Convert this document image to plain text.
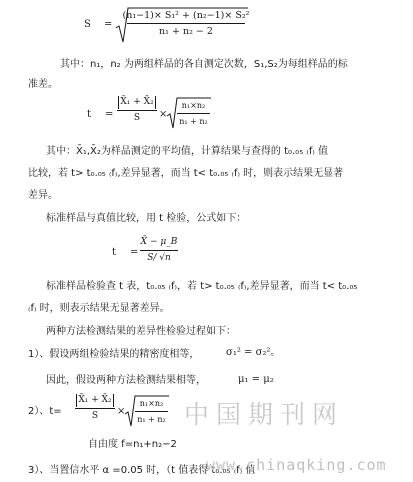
S =
(n₁−1)× S₁² + (n₂−1)× S₂²
n₁ + n₂ − 2
其中：n₁，n₂ 为两组样品的各自测定次数，S₁,S₂为每组样品的标
准差。
t =
X̄₁ + X̄₂
S ×
n₁×n₂
n₁ + n₂
其中：X̄₁,X̄₂为样品测定的平均值，计算结果与查得的 t₀.₀₅ ₍f₎ 值
比较，若 t> t₀.₀₅ ₍f₎,差异显著，而当 t< t₀.₀₅ ₍f₎ 时，则表示结果无显著
差异。
标准样品与真值比较，用 t 检验，公式如下：
t =
X̄ − μ_B
S/ √n
标准样品检验查 t 表，t₀.₀₅ ₍f₎，若 t> t₀.₀₅ ₍f₎,差异显著，而当 t< t₀.₀₅
₍f₎ 时，则表示结果无显著差异。
两种方法检测结果的差异性检验过程如下：
1）、假设两组检验结果的精密度相等，	σ₁² = σ₂²。
因此，假设两种方法检测结果相等，	μ₁ = μ₂
2）、t=
X̄₁ + X̄₂
S ×
n₁×n₂
n₁ + n₂
自由度 f=n₁+n₂−2
3）、当置信水平 α =0.05 时，（t 值表得 t₀.₀₅ ₍f₎ 值
中国期刊网
www.chinaqking.com
